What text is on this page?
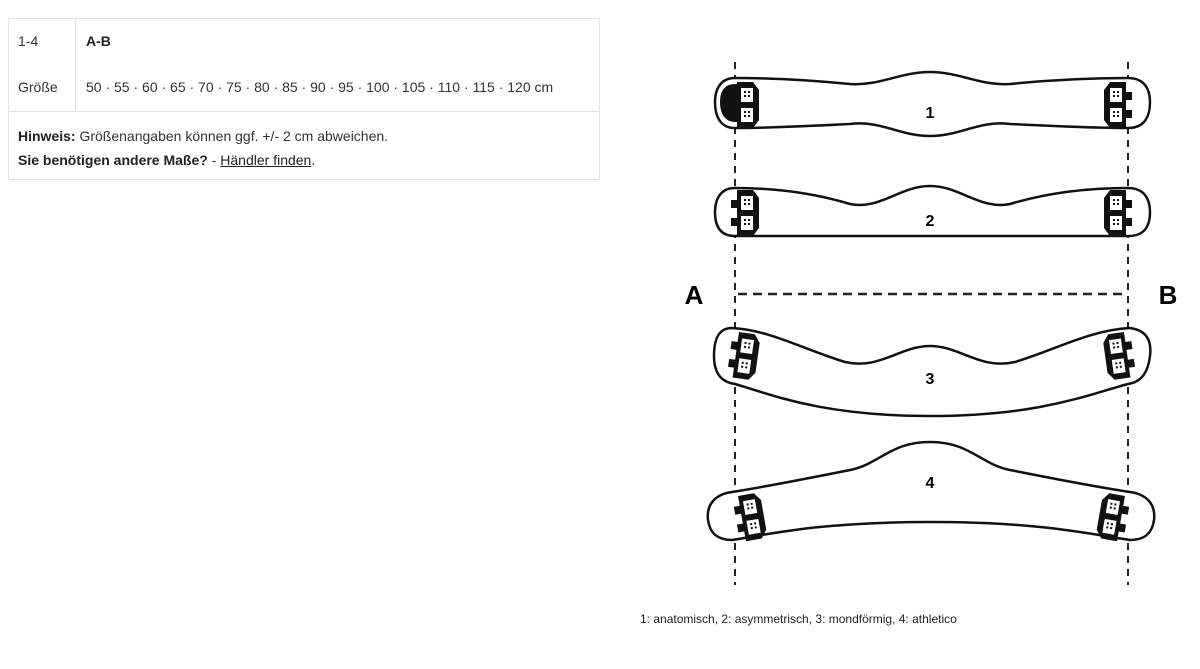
1-4	A-B
Größe 50 · 55 · 60 · 65 · 70 · 75 · 80 · 85 · 90 · 95 · 100 · 105 · 110 · 115 · 120 cm
Hinweis: Größenangaben können ggf. +/- 2 cm abweichen.
Sie benötigen andere Maße? - Händler finden.
1
2
3
4
A	B
1: anatomisch, 2: asymmetrisch, 3: mondförmig, 4: athletico
